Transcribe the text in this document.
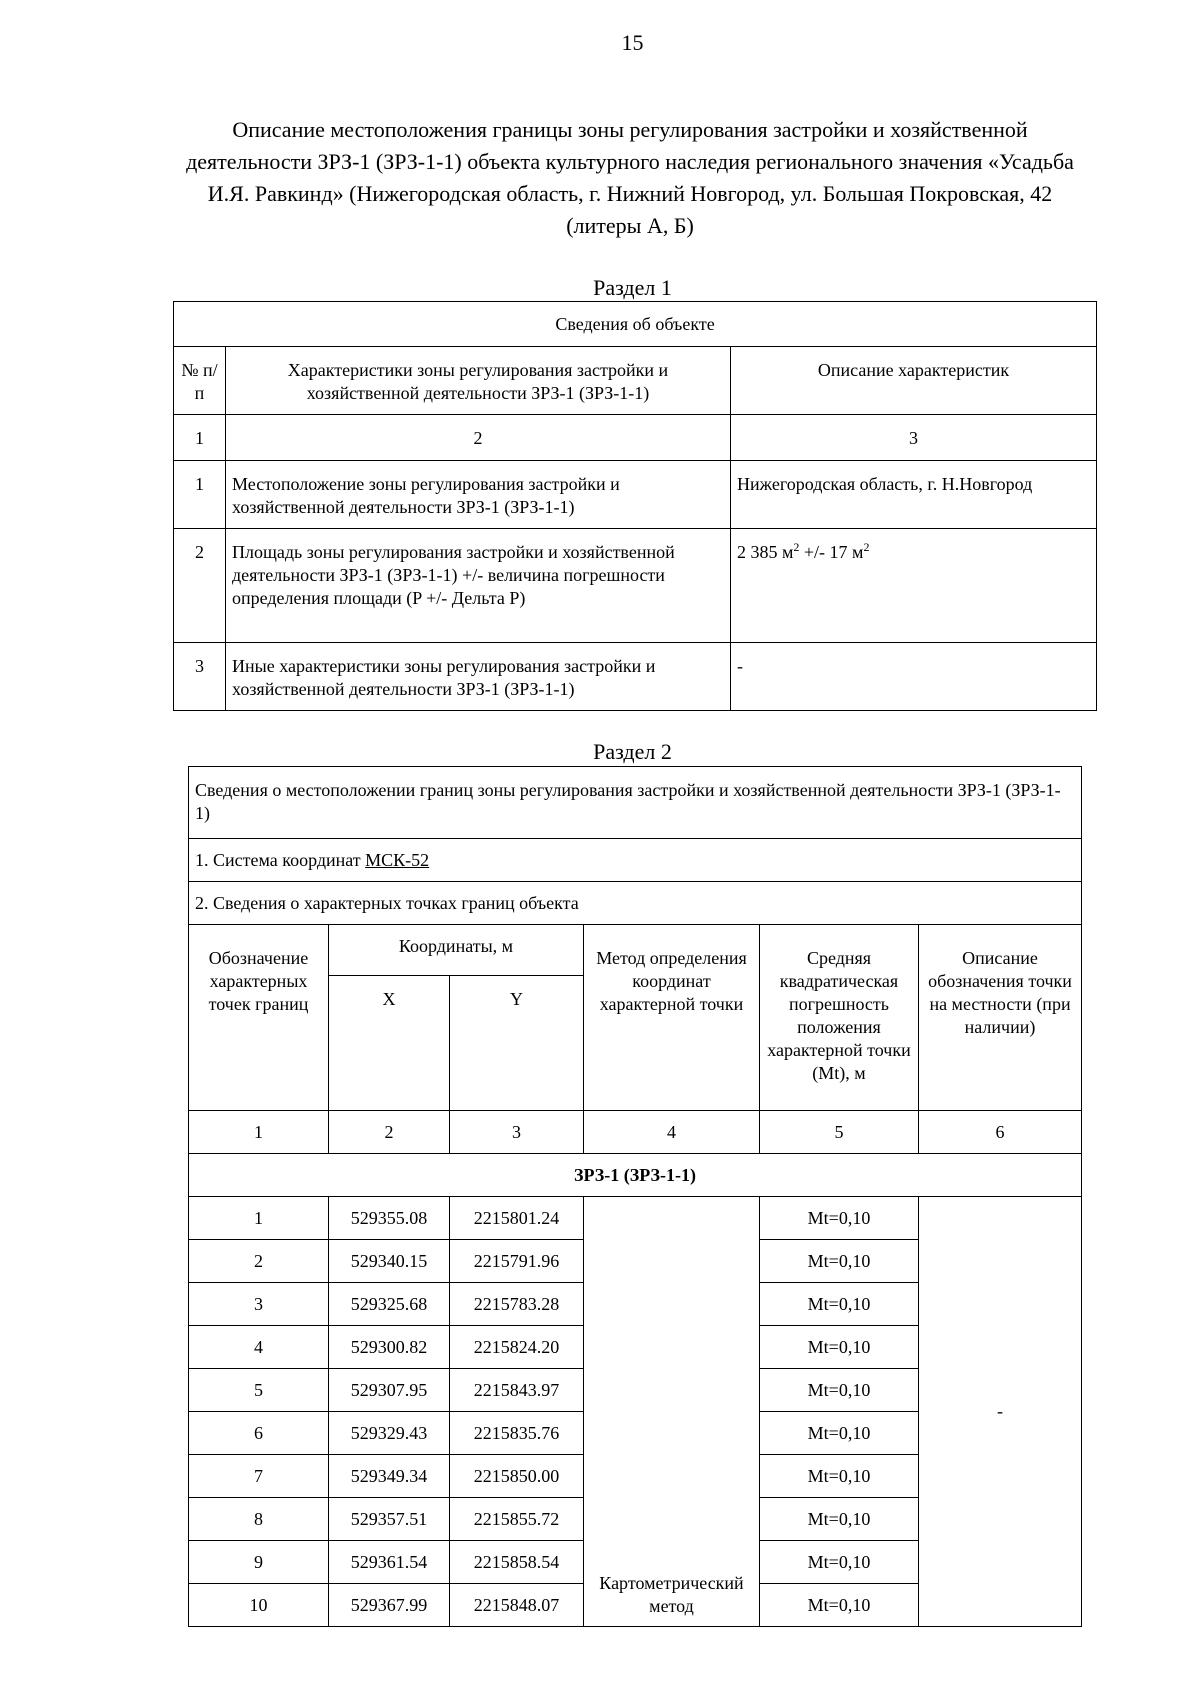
15
Описание местоположения границы зоны регулирования застройки и хозяйственной деятельности ЗРЗ-1 (ЗРЗ-1-1) объекта культурного наследия регионального значения «Усадьба И.Я. Равкинд» (Нижегородская область, г. Нижний Новгород, ул. Большая Покровская, 42 (литеры А, Б)
Раздел 1
Сведения об объекте		
№ п/п	Характеристики зоны регулирования застройки и хозяйственной деятельности ЗРЗ-1 (ЗРЗ-1-1)	Описание характеристик
1	2	3
1	Местоположение зоны регулирования застройки и хозяйственной деятельности ЗРЗ-1 (ЗРЗ-1-1)	Нижегородская область, г. Н.Новгород
2	Площадь зоны регулирования застройки и хозяйственной деятельности ЗРЗ-1 (ЗРЗ-1-1) +/- величина погрешности определения площади (P +/- Дельта P)	2 385 $м^2$ +/- 17 $м^2$
3	Иные характеристики зоны регулирования застройки и хозяйственной деятельности ЗРЗ-1 (ЗРЗ-1-1)	-
Раздел 2
Сведения о местоположении границ зоны регулирования застройки и хозяйственной деятельности ЗРЗ-1 (ЗРЗ-1-1)					
1. Система координат МСК-52					
2. Сведения о характерных точках границ объекта					
Обозначение характерных точек границ	Координаты, м		Метод определения координат характерной точки	Средняя квадратическая погрешность положения характерной точки (Mt), м	Описание обозначения точки на местности (при наличии)
	X	Y			
1	2	3	4	5	6
ЗРЗ-1 (ЗРЗ-1-1)					
1	529355.08	2215801.24	Картометрический метод	Mt=0,10	-
2	529340.15	2215791.96		Mt=0,10	
3	529325.68	2215783.28		Mt=0,10	
4	529300.82	2215824.20		Mt=0,10	
5	529307.95	2215843.97		Mt=0,10	
6	529329.43	2215835.76		Mt=0,10	
7	529349.34	2215850.00		Mt=0,10	
8	529357.51	2215855.72		Mt=0,10	
9	529361.54	2215858.54		Mt=0,10	
10	529367.99	2215848.07		Mt=0,10	
